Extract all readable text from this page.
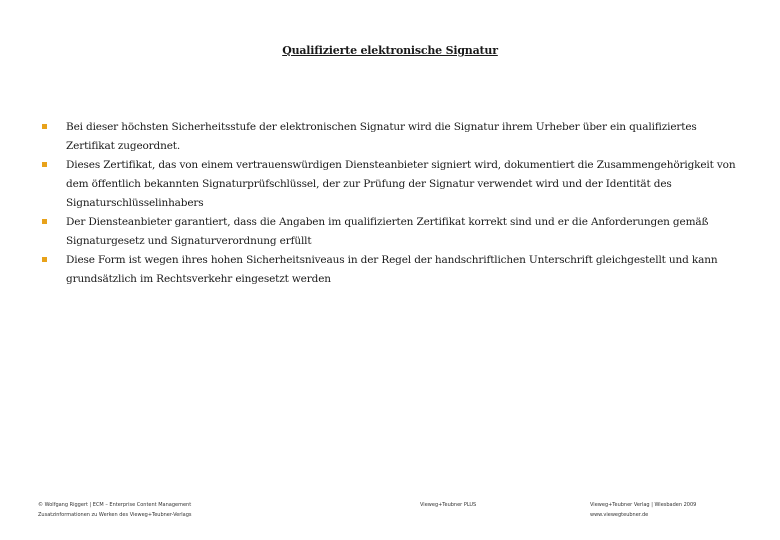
Qualifizierte elektronische Signatur
Bei dieser höchsten Sicherheitsstufe der elektronischen Signatur wird die Signatur ihrem Urheber über ein qualifiziertes Zertifikat zugeordnet.
Dieses Zertifikat, das von einem vertrauenswürdigen Diensteanbieter signiert wird, dokumentiert die Zusammengehörigkeit von dem öffentlich bekannten Signaturprüfschlüssel, der zur Prüfung der Signatur verwendet wird und der Identität des Signaturschlüsselinhabers
Der Diensteanbieter garantiert, dass die Angaben im qualifizierten Zertifikat korrekt sind und er die Anforderungen gemäß Signaturgesetz und Signaturverordnung erfüllt
Diese Form ist wegen ihres hohen Sicherheitsniveaus in der Regel der handschriftlichen Unterschrift gleichgestellt und kann grundsätzlich im Rechtsverkehr eingesetzt werden
© Wolfgang Riggert | ECM – Enterprise Content Management
Zusatzinformationen zu Werken des Vieweg+Teubner-Verlags
Vieweg+Teubner PLUS	Vieweg+Teubner Verlag | Wiesbaden 2009
www.viewegteubner.de
